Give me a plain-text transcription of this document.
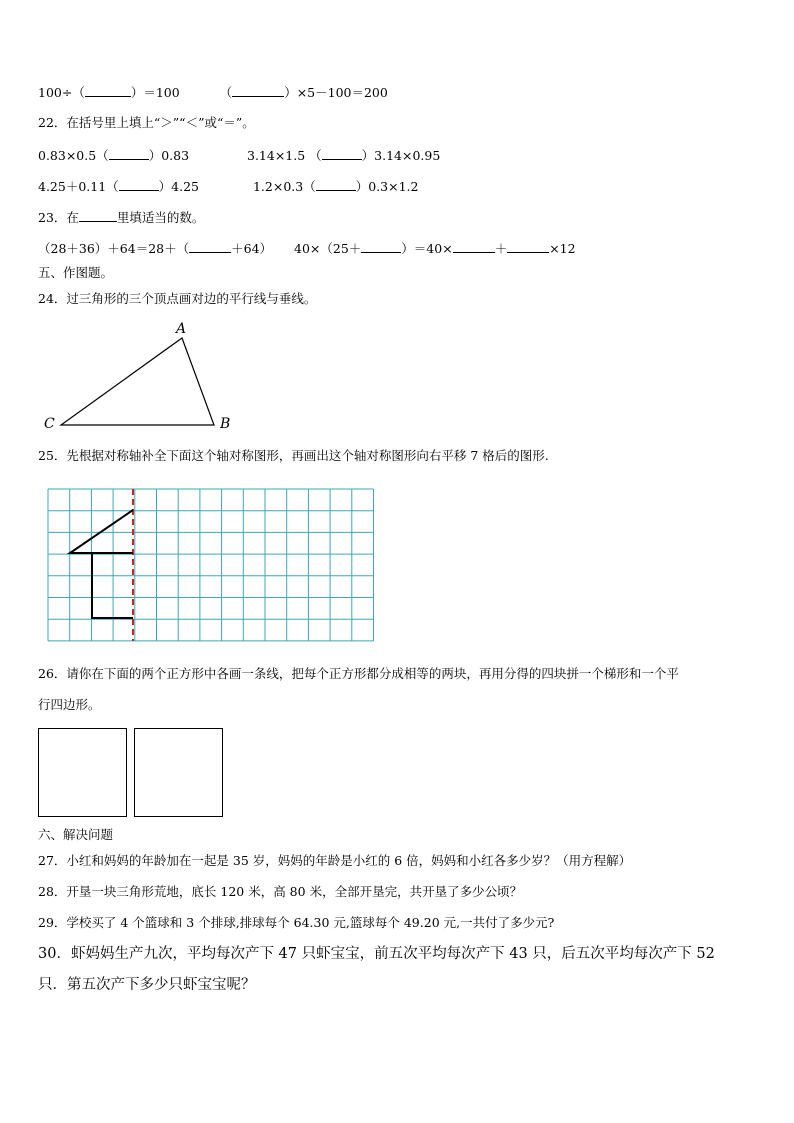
100÷（	）＝100	（	）×5－100＝200
22．在括号里上填上“＞”“＜”或“＝”。
0.83×0.5（	）0.83	3.14×1.5 （	）3.14×0.95
4.25＋0.11（	）4.25	1.2×0.3（	）0.3×1.2
23．在	里填适当的数。
（28＋36）＋64＝28＋（	＋64） 40×（25＋	）＝40×	＋	×12
五、作图题。
24．过三角形的三个顶点画对边的平行线与垂线。
A
B
C
25．先根据对称轴补全下面这个轴对称图形，再画出这个轴对称图形向右平移 7 格后的图形.
26．请你在下面的两个正方形中各画一条线，把每个正方形都分成相等的两块，再用分得的四块拼一个梯形和一个平
行四边形。
六、解决问题
27．小红和妈妈的年龄加在一起是 35 岁，妈妈的年龄是小红的 6 倍，妈妈和小红各多少岁？（用方程解）
28．开垦一块三角形荒地，底长 120 米，高 80 米，全部开垦完，共开垦了多少公顷？
29．学校买了 4 个篮球和 3 个排球,排球每个 64.30 元,篮球每个 49.20 元,一共付了多少元?
30．虾妈妈生产九次，平均每次产下 47 只虾宝宝，前五次平均每次产下 43 只，后五次平均每次产下 52
只．第五次产下多少只虾宝宝呢？
